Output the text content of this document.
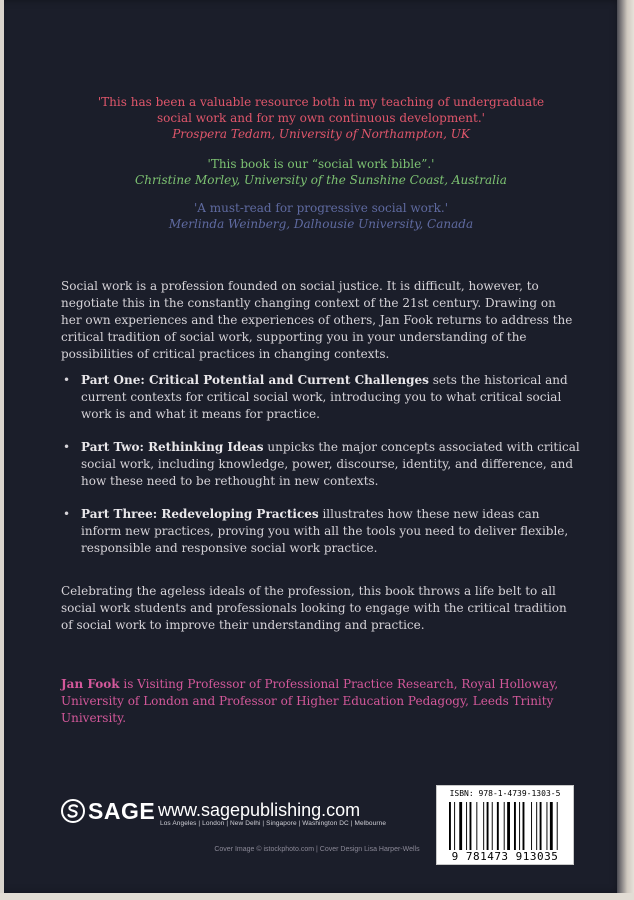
'This has been a valuable resource both in my teaching of undergraduate
social work and for my own continuous development.'
Prospera Tedam, University of Northampton, UK
'This book is our “social work bible”.'
Christine Morley, University of the Sunshine Coast, Australia
'A must-read for progressive social work.'
Merlinda Weinberg, Dalhousie University, Canada
Social work is a profession founded on social justice. It is difficult, however, to negotiate this in the constantly changing context of the 21st century. Drawing on her own experiences and the experiences of others, Jan Fook returns to address the critical tradition of social work, supporting you in your understanding of the possibilities of critical practices in changing contexts.
• Part One: Critical Potential and Current Challenges sets the historical and current contexts for critical social work, introducing you to what critical social work is and what it means for practice.
• Part Two: Rethinking Ideas unpicks the major concepts associated with critical social work, including knowledge, power, discourse, identity, and difference, and how these need to be rethought in new contexts.
• Part Three: Redeveloping Practices illustrates how these new ideas can inform new practices, proving you with all the tools you need to deliver flexible, responsible and responsive social work practice.
Celebrating the ageless ideals of the profession, this book throws a life belt to all social work students and professionals looking to engage with the critical tradition of social work to improve their understanding and practice.
Jan Fook is Visiting Professor of Professional Practice Research, Royal Holloway, University of London and Professor of Higher Education Pedagogy, Leeds Trinity University.
SAGE www.sagepublishing.com
Los Angeles | London | New Delhi | Singapore | Washington DC | Melbourne
Cover Image © istockphoto.com | Cover Design Lisa Harper-Wells
ISBN: 978-1-4739-1303-5
9 781473 913035
